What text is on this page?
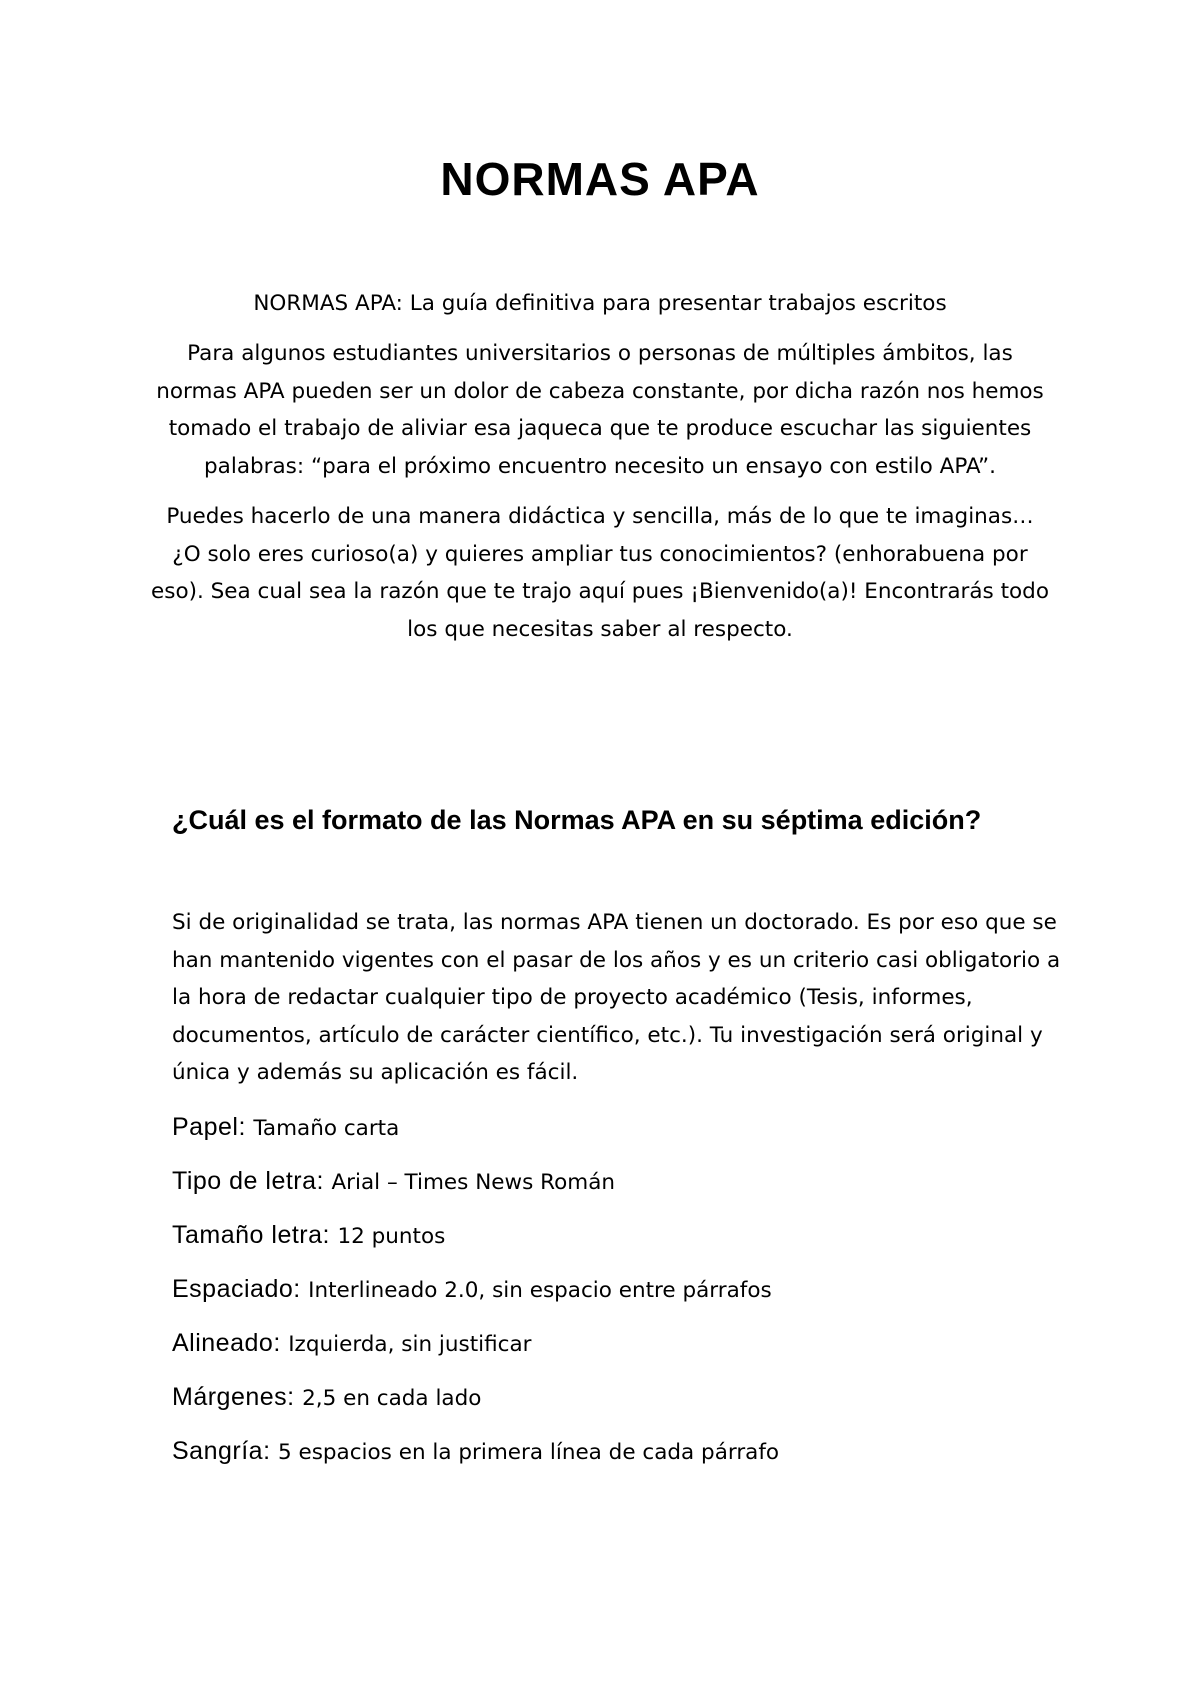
NORMAS APA

NORMAS APA: La guía definitiva para presentar trabajos escritos

Para algunos estudiantes universitarios o personas de múltiples ámbitos, las normas APA pueden ser un dolor de cabeza constante, por dicha razón nos hemos tomado el trabajo de aliviar esa jaqueca que te produce escuchar las siguientes palabras: “para el próximo encuentro necesito un ensayo con estilo APA”.

Puedes hacerlo de una manera didáctica y sencilla, más de lo que te imaginas… ¿O solo eres curioso(a) y quieres ampliar tus conocimientos? (enhorabuena por eso). Sea cual sea la razón que te trajo aquí pues ¡Bienvenido(a)! Encontrarás todo los que necesitas saber al respecto.

¿Cuál es el formato de las Normas APA en su séptima edición?

Si de originalidad se trata, las normas APA tienen un doctorado. Es por eso que se han mantenido vigentes con el pasar de los años y es un criterio casi obligatorio a la hora de redactar cualquier tipo de proyecto académico (Tesis, informes, documentos, artículo de carácter científico, etc.). Tu investigación será original y única y además su aplicación es fácil.

Papel: Tamaño carta
Tipo de letra: Arial – Times News Román
Tamaño letra: 12 puntos
Espaciado: Interlineado 2.0, sin espacio entre párrafos
Alineado: Izquierda, sin justificar
Márgenes: 2,5 en cada lado
Sangría: 5 espacios en la primera línea de cada párrafo
